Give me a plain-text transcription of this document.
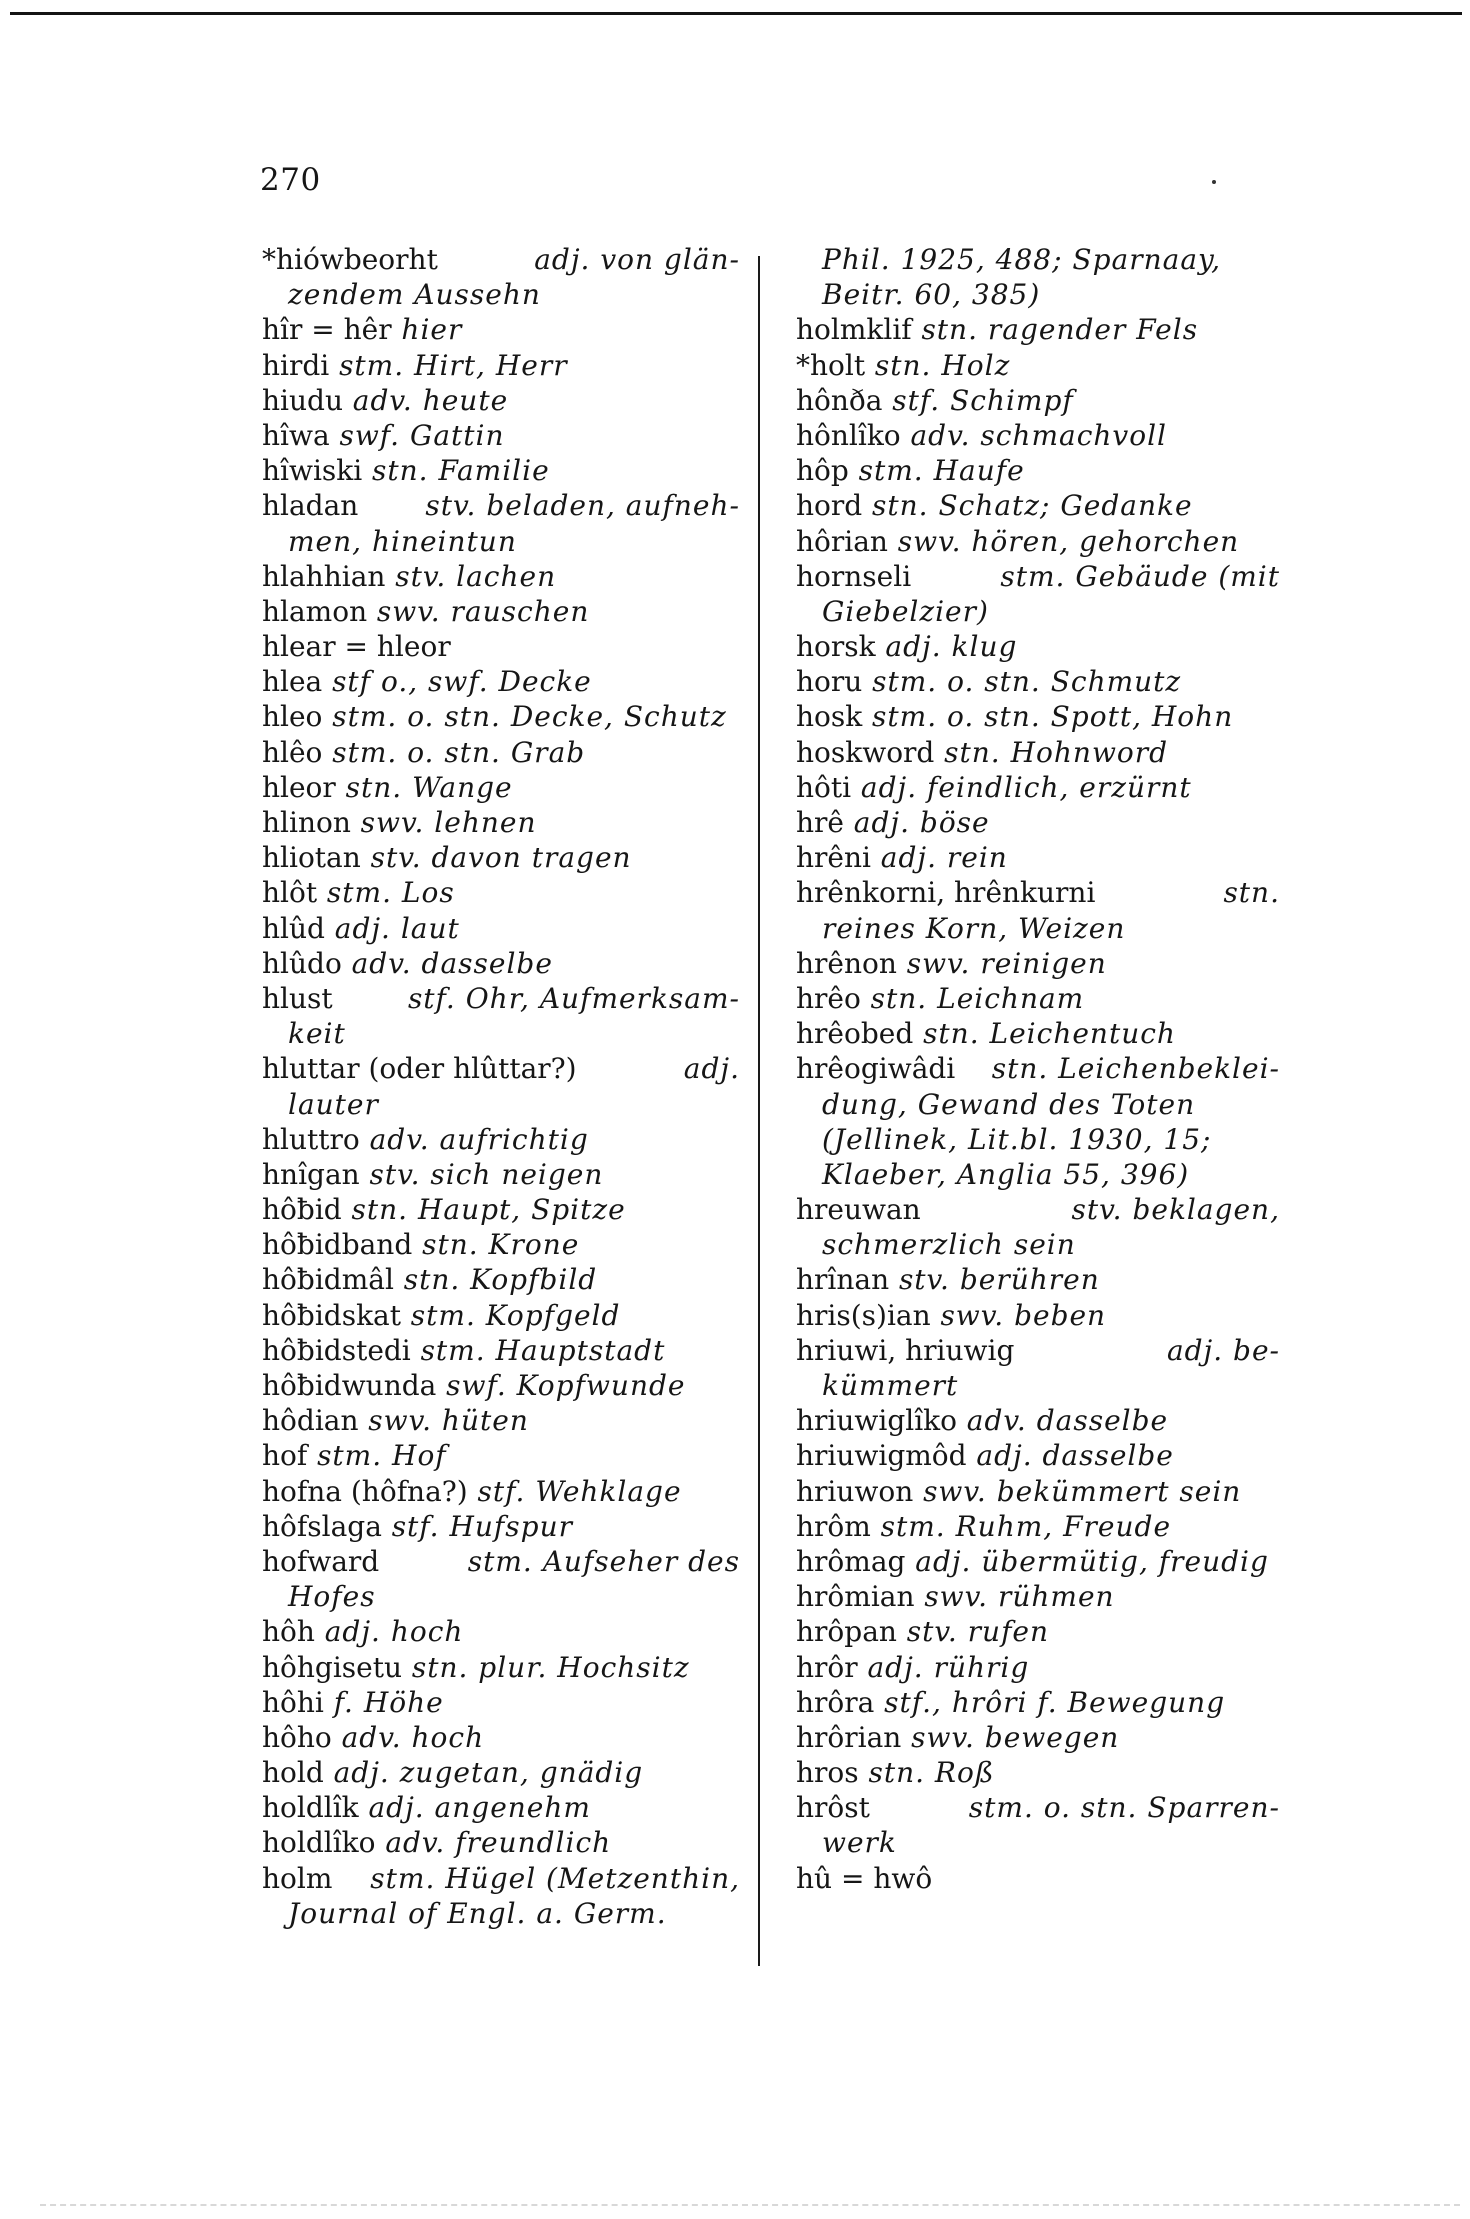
270
*hiówbeorht	adj. von glän-
zendem Aussehn
hîr = hêr hier
hirdi stm. Hirt, Herr
hiudu adv. heute
hîwa swf. Gattin
hîwiski stn. Familie
hladan stv. beladen, aufneh-
men, hineintun
hlahhian stv. lachen
hlamon swv. rauschen
hlear = hleor
hlea stf o., swf. Decke
hleo stm. o. stn. Decke, Schutz
hlêo stm. o. stn. Grab
hleor stn. Wange
hlinon swv. lehnen
hliotan stv. davon tragen
hlôt stm. Los
hlûd adj. laut
hlûdo adv. dasselbe
hlust	stf. Ohr, Aufmerksam-
keit
hluttar (oder hlûttar?)	adj.
lauter
hluttro adv. aufrichtig
hnîgan stv. sich neigen
hôƀid stn. Haupt, Spitze
hôƀidband stn. Krone
hôƀidmâl stn. Kopfbild
hôƀidskat stm. Kopfgeld
hôƀidstedi stm. Hauptstadt
hôƀidwunda swf. Kopfwunde
hôdian swv. hüten
hof stm. Hof
hofna (hôfna?) stf. Wehklage
hôfslaga stf. Hufspur
hofward	stm. Aufseher des
Hofes
hôh adj. hoch
hôhgisetu stn. plur. Hochsitz
hôhi f. Höhe
hôho adv. hoch
hold adj. zugetan, gnädig
holdlîk adj. angenehm
holdlîko adv. freundlich
holm stm. Hügel (Metzenthin,
Journal of Engl. a. Germ.
Phil. 1925, 488; Sparnaay,
Beitr. 60, 385)
holmklif stn. ragender Fels
*holt stn. Holz
hônða stf. Schimpf
hônlîko adv. schmachvoll
hôp stm. Haufe
hord stn. Schatz; Gedanke
hôrian swv. hören, gehorchen
hornseli	stm. Gebäude (mit
Giebelzier)
horsk adj. klug
horu stm. o. stn. Schmutz
hosk stm. o. stn. Spott, Hohn
hoskword stn. Hohnword
hôti adj. feindlich, erzürnt
hrê adj. böse
hrêni adj. rein
hrênkorni, hrênkurni	stn.
reines Korn, Weizen
hrênon swv. reinigen
hrêo stn. Leichnam
hrêobed stn. Leichentuch
hrêogiwâdi stn. Leichenbeklei-
dung, Gewand des Toten
(Jellinek, Lit.bl. 1930, 15;
Klaeber, Anglia 55, 396)
hreuwan	stv. beklagen,
schmerzlich sein
hrînan stv. berühren
hris(s)ian swv. beben
hriuwi, hriuwig	adj. be-
kümmert
hriuwiglîko adv. dasselbe
hriuwigmôd adj. dasselbe
hriuwon swv. bekümmert sein
hrôm stm. Ruhm, Freude
hrômag adj. übermütig, freudig
hrômian swv. rühmen
hrôpan stv. rufen
hrôr adj. rührig
hrôra stf., hrôri f. Bewegung
hrôrian swv. bewegen
hros stn. Roß
hrôst	stm. o. stn. Sparren-
werk
hû = hwô
